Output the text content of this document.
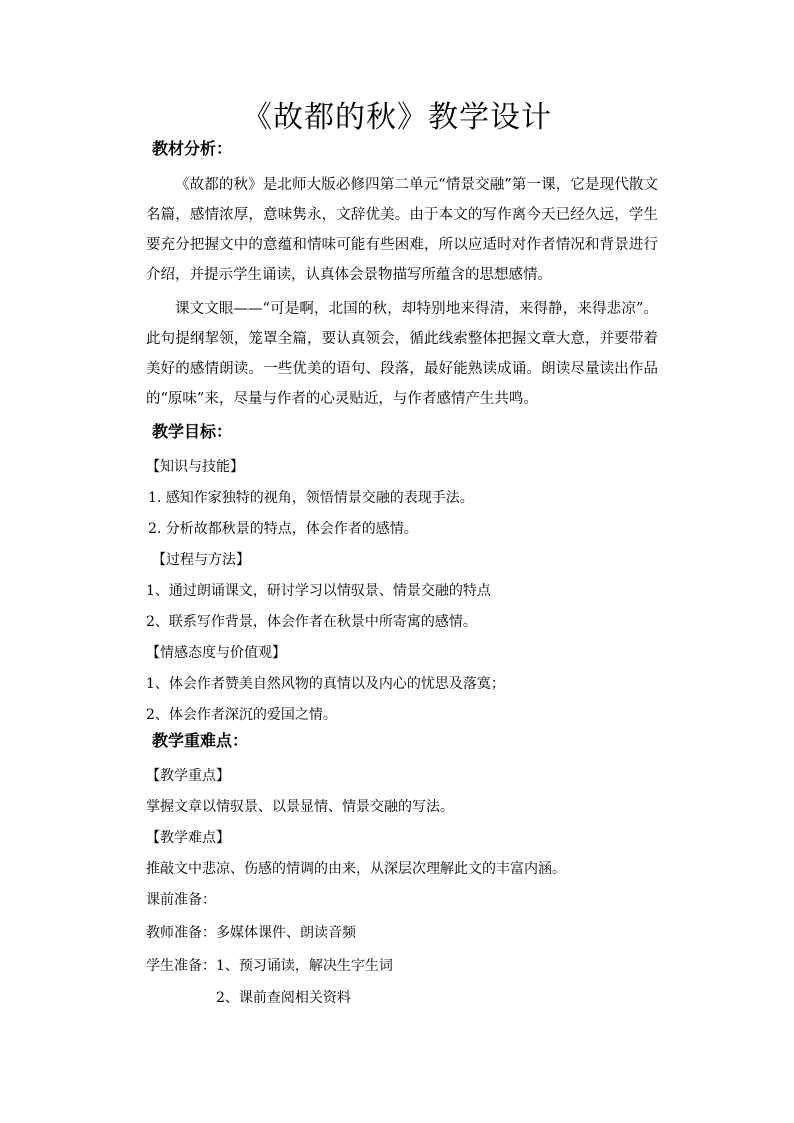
《故都的秋》教学设计
教材分析：
《故都的秋》是北师大版必修四第二单元“情景交融”第一课，它是现代散文名篇，感情浓厚，意味隽永，文辞优美。由于本文的写作离今天已经久远，学生要充分把握文中的意蕴和情味可能有些困难，所以应适时对作者情况和背景进行介绍，并提示学生诵读，认真体会景物描写所蕴含的思想感情。
课文文眼——“可是啊，北国的秋，却特别地来得清，来得静，来得悲凉”。此句提纲挈领，笼罩全篇，要认真领会，循此线索整体把握文章大意，并要带着美好的感情朗读。一些优美的语句、段落，最好能熟读成诵。朗读尽量读出作品的“原味”来，尽量与作者的心灵贴近，与作者感情产生共鸣。
教学目标：
【知识与技能】
1. 感知作家独特的视角，领悟情景交融的表现手法。
2. 分析故都秋景的特点，体会作者的感情。
【过程与方法】
1、通过朗诵课文，研讨学习以情驭景、情景交融的特点
2、联系写作背景，体会作者在秋景中所寄寓的感情。
【情感态度与价值观】
1、体会作者赞美自然风物的真情以及内心的忧思及落寞；
2、体会作者深沉的爱国之情。
教学重难点：
【教学重点】
掌握文章以情驭景、以景显情、情景交融的写法。
【教学难点】
推敲文中悲凉、伤感的情调的由来，从深层次理解此文的丰富内涵。
课前准备：
教师准备：多媒体课件、朗读音频
学生准备：1、预习诵读，解决生字生词
2、课前查阅相关资料
